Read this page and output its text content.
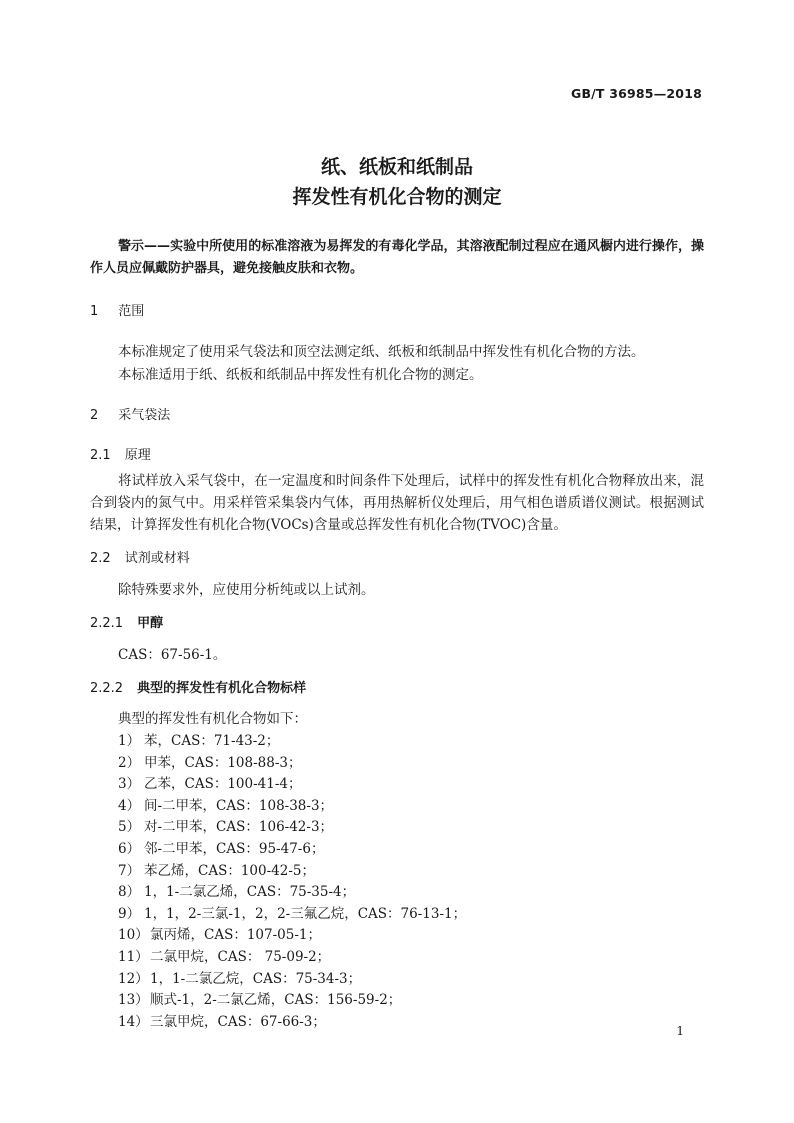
GB/T 36985—2018
纸、纸板和纸制品
挥发性有机化合物的测定
警示——实验中所使用的标准溶液为易挥发的有毒化学品，其溶液配制过程应在通风橱内进行操作，操作人员应佩戴防护器具，避免接触皮肤和衣物。
1 范围
本标准规定了使用采气袋法和顶空法测定纸、纸板和纸制品中挥发性有机化合物的方法。
本标准适用于纸、纸板和纸制品中挥发性有机化合物的测定。
2 采气袋法
2.1 原理
将试样放入采气袋中，在一定温度和时间条件下处理后，试样中的挥发性有机化合物释放出来，混合到袋内的氮气中。用采样管采集袋内气体，再用热解析仪处理后，用气相色谱质谱仪测试。根据测试结果，计算挥发性有机化合物(VOCs)含量或总挥发性有机化合物(TVOC)含量。
2.2 试剂或材料
除特殊要求外，应使用分析纯或以上试剂。
2.2.1 甲醇
CAS：67-56-1。
2.2.2 典型的挥发性有机化合物标样
典型的挥发性有机化合物如下：
1） 苯，CAS：71-43-2；
2） 甲苯，CAS：108-88-3；
3） 乙苯，CAS：100-41-4；
4） 间-二甲苯，CAS：108-38-3；
5） 对-二甲苯，CAS：106-42-3；
6） 邻-二甲苯，CAS：95-47-6；
7） 苯乙烯，CAS：100-42-5；
8） 1，1-二氯乙烯，CAS：75-35-4；
9） 1，1，2-三氯-1，2，2-三氟乙烷，CAS：76-13-1；
10）氯丙烯，CAS：107-05-1；
11）二氯甲烷，CAS： 75-09-2；
12）1，1-二氯乙烷，CAS：75-34-3；
13）顺式-1，2-二氯乙烯，CAS：156-59-2；
14）三氯甲烷，CAS：67-66-3；
1
